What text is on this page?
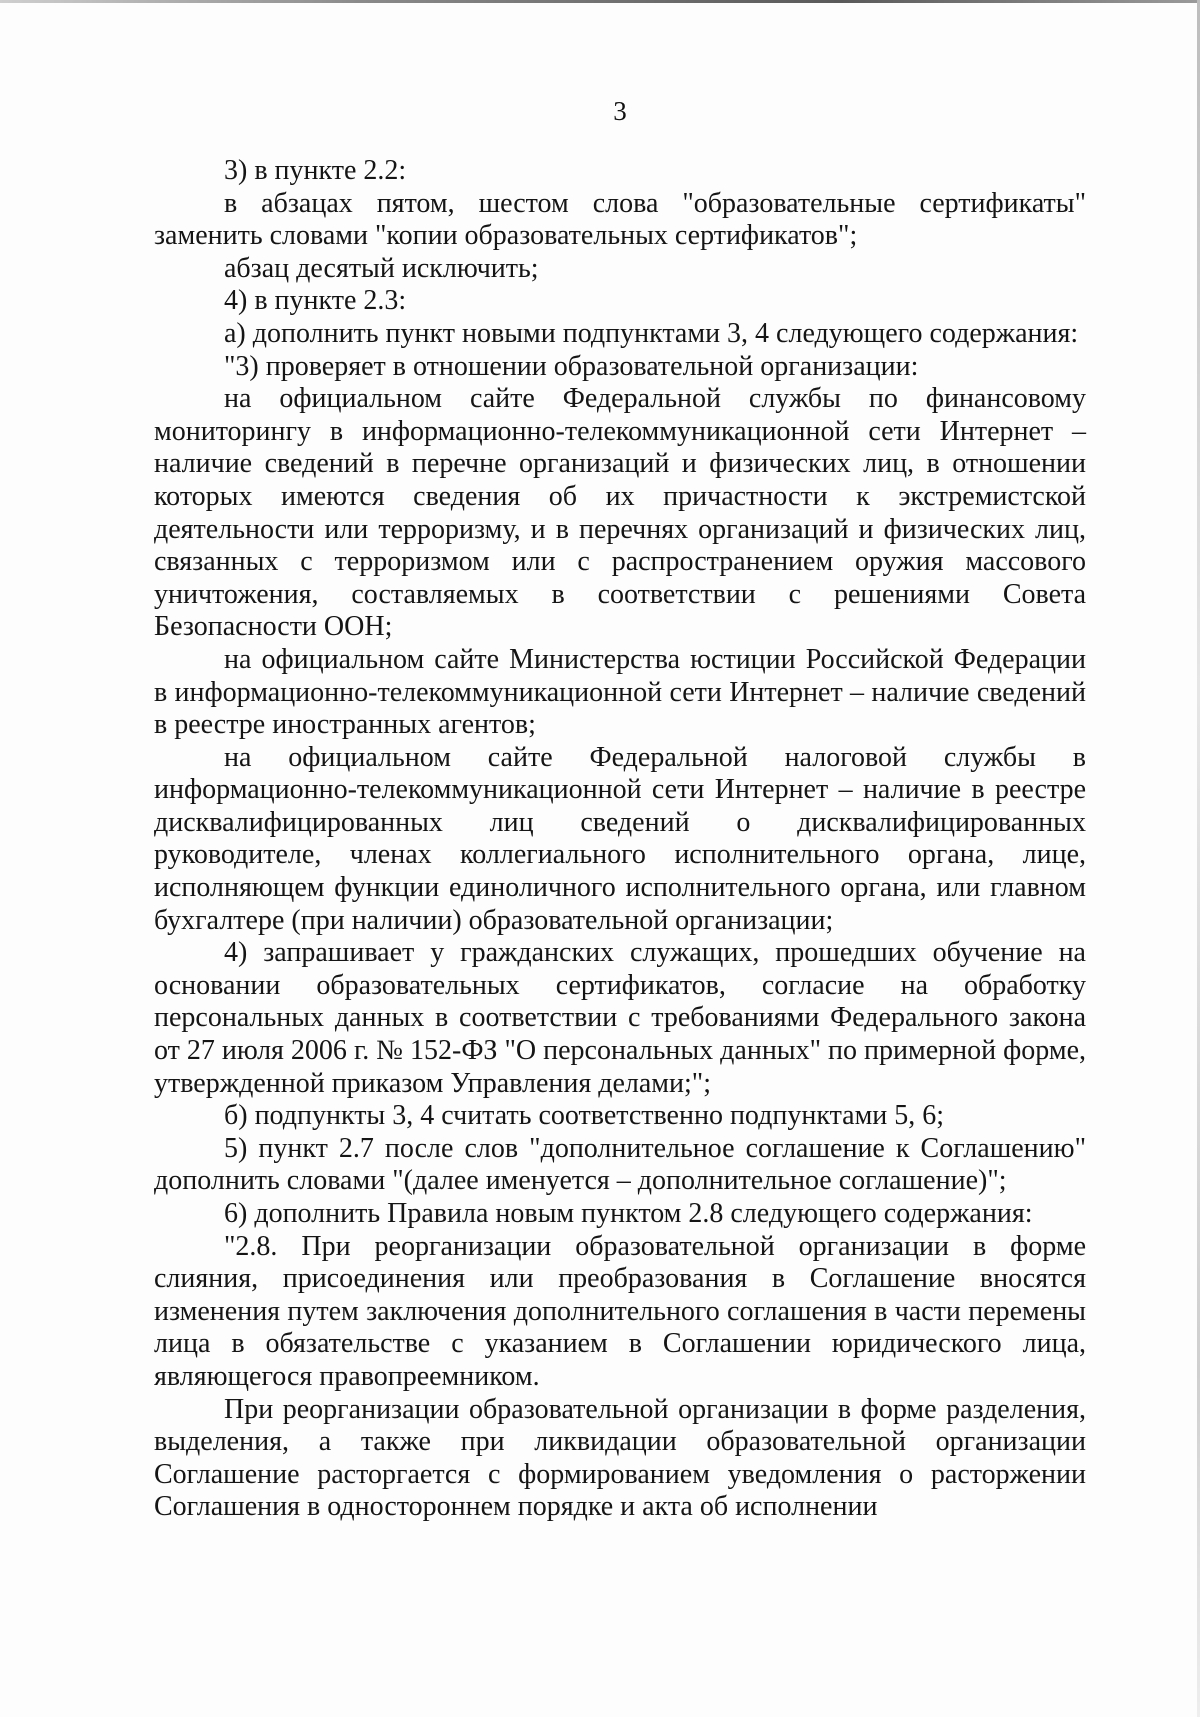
3

3) в пункте 2.2:

в абзацах пятом, шестом слова "образовательные сертификаты" заменить словами "копии образовательных сертификатов";

абзац десятый исключить;

4) в пункте 2.3:

а) дополнить пункт новыми подпунктами 3, 4 следующего содержания:

"3) проверяет в отношении образовательной организации:

на официальном сайте Федеральной службы по финансовому мониторингу в информационно-телекоммуникационной сети Интернет – наличие сведений в перечне организаций и физических лиц, в отношении которых имеются сведения об их причастности к экстремистской деятельности или терроризму, и в перечнях организаций и физических лиц, связанных с терроризмом или с распространением оружия массового уничтожения, составляемых в соответствии с решениями Совета Безопасности ООН;

на официальном сайте Министерства юстиции Российской Федерации в информационно-телекоммуникационной сети Интернет – наличие сведений в реестре иностранных агентов;

на официальном сайте Федеральной налоговой службы в информационно-телекоммуникационной сети Интернет – наличие в реестре дисквалифицированных лиц сведений о дисквалифицированных руководителе, членах коллегиального исполнительного органа, лице, исполняющем функции единоличного исполнительного органа, или главном бухгалтере (при наличии) образовательной организации;

4) запрашивает у гражданских служащих, прошедших обучение на основании образовательных сертификатов, согласие на обработку персональных данных в соответствии с требованиями Федерального закона от 27 июля 2006 г. № 152-ФЗ "О персональных данных" по примерной форме, утвержденной приказом Управления делами;";

б) подпункты 3, 4 считать соответственно подпунктами 5, 6;

5) пункт 2.7 после слов "дополнительное соглашение к Соглашению" дополнить словами "(далее именуется – дополнительное соглашение)";

6) дополнить Правила новым пунктом 2.8 следующего содержания:

"2.8. При реорганизации образовательной организации в форме слияния, присоединения или преобразования в Соглашение вносятся изменения путем заключения дополнительного соглашения в части перемены лица в обязательстве с указанием в Соглашении юридического лица, являющегося правопреемником.

При реорганизации образовательной организации в форме разделения, выделения, а также при ликвидации образовательной организации Соглашение расторгается с формированием уведомления о расторжении Соглашения в одностороннем порядке и акта об исполнении
